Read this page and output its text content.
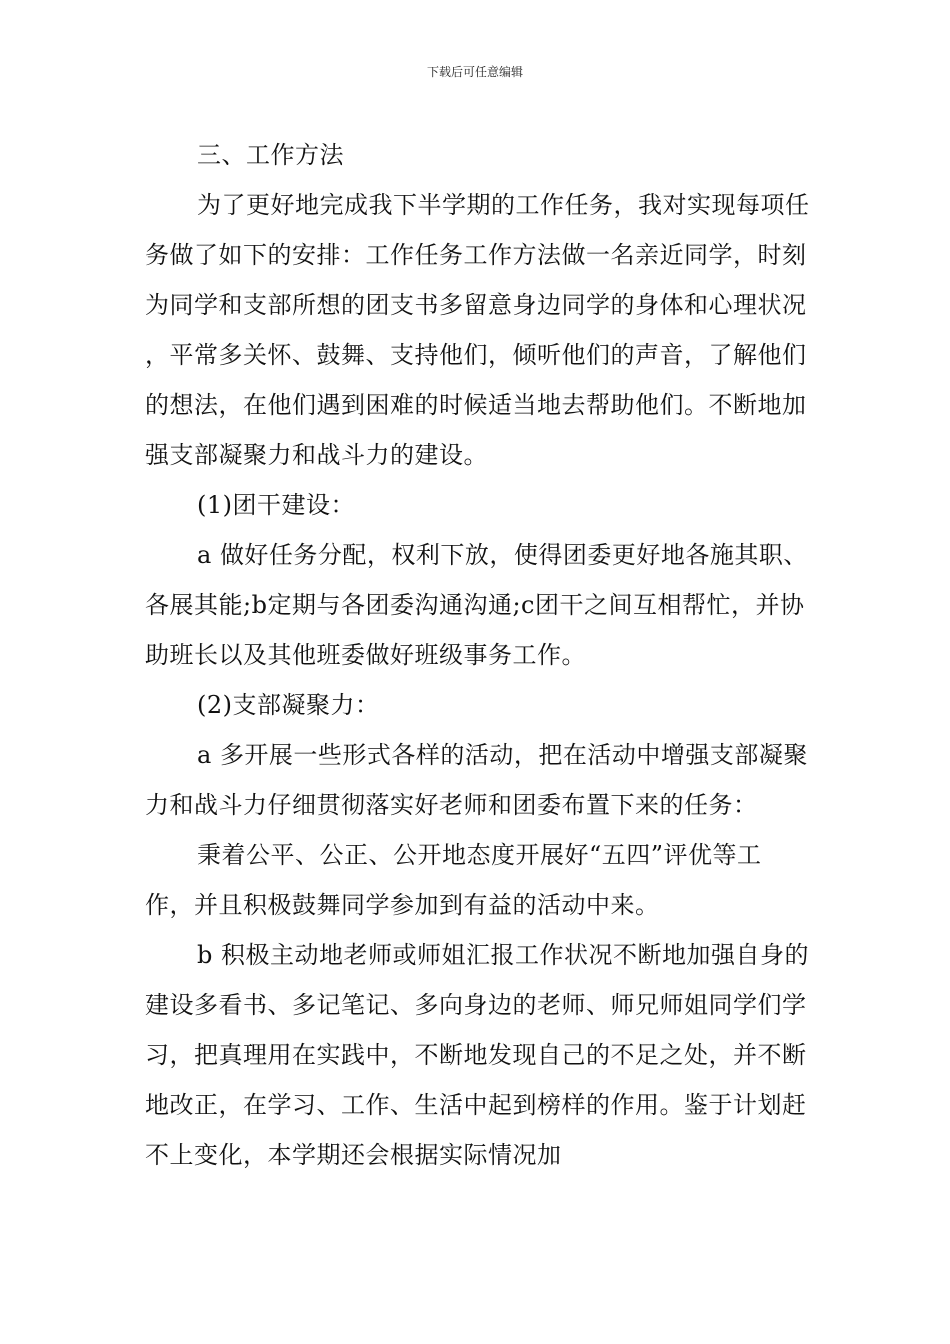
下载后可任意编辑

三、工作方法

为了更好地完成我下半学期的工作任务，我对实现每项任务做了如下的安排：工作任务工作方法做一名亲近同学，时刻为同学和支部所想的团支书多留意身边同学的身体和心理状况 ，平常多关怀、鼓舞、支持他们，倾听他们的声音，了解他们的想法，在他们遇到困难的时候适当地去帮助他们。不断地加强支部凝聚力和战斗力的建设。

(1)团干建设：

a 做好任务分配，权利下放，使得团委更好地各施其职、各展其能;b定期与各团委沟通沟通;c团干之间互相帮忙，并协助班长以及其他班委做好班级事务工作。

(2)支部凝聚力：

a 多开展一些形式各样的活动，把在活动中增强支部凝聚力和战斗力仔细贯彻落实好老师和团委布置下来的任务：

秉着公平、公正、公开地态度开展好“五四”评优等工作，并且积极鼓舞同学参加到有益的活动中来。

b 积极主动地老师或师姐汇报工作状况不断地加强自身的建设多看书、多记笔记、多向身边的老师、师兄师姐同学们学习，把真理用在实践中，不断地发现自己的不足之处，并不断地改正，在学习、工作、生活中起到榜样的作用。鉴于计划赶不上变化，本学期还会根据实际情况加
